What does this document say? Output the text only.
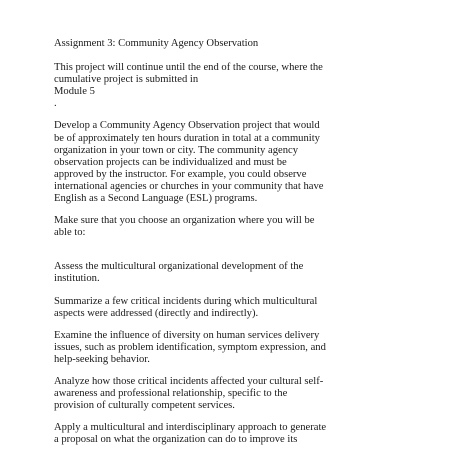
Assignment 3: Community Agency Observation

This project will continue until the end of the course, where the
cumulative project is submitted in
Module 5
.

Develop a Community Agency Observation project that would
be of approximately ten hours duration in total at a community
organization in your town or city. The community agency
observation projects can be individualized and must be
approved by the instructor. For example, you could observe
international agencies or churches in your community that have
English as a Second Language (ESL) programs.

Make sure that you choose an organization where you will be
able to:

Assess the multicultural organizational development of the
institution.

Summarize a few critical incidents during which multicultural
aspects were addressed (directly and indirectly).

Examine the influence of diversity on human services delivery
issues, such as problem identification, symptom expression, and
help-seeking behavior.

Analyze how those critical incidents affected your cultural self-
awareness and professional relationship, specific to the
provision of culturally competent services.

Apply a multicultural and interdisciplinary approach to generate
a proposal on what the organization can do to improve its
